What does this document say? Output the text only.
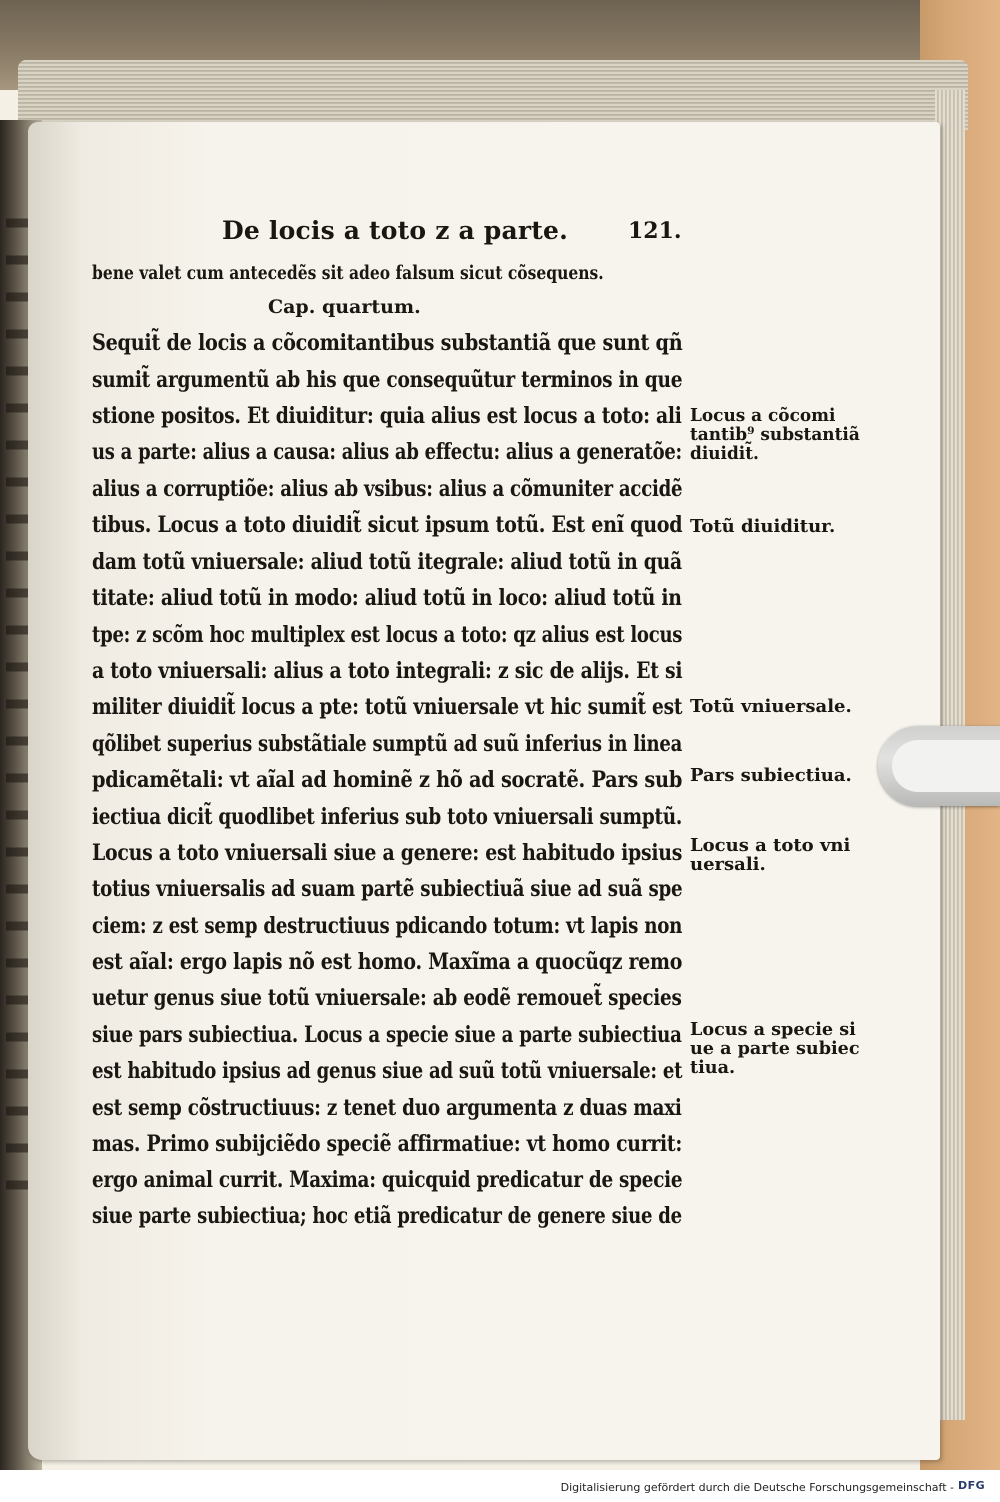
De locis a toto z a parte.	121.
bene valet cum antecedẽs sit adeo falsum sicut cõsequens.
Cap. quartum.
Sequit̃ de locis a cõcomitantibus substantiã que sunt qñ
sumit̃ argumentũ ab his que consequũtur terminos in que
stione positos. Et diuiditur: quia alius est locus a toto: ali
us a parte: alius a causa: alius ab effectu: alius a generatõe:
alius a corruptiõe: alius ab vsibus: alius a cõmuniter accidẽ
tibus. Locus a toto diuidit̃ sicut ipsum totũ. Est enĩ quod
dam totũ vniuersale: aliud totũ itegrale: aliud totũ in quã
titate: aliud totũ in modo: aliud totũ in loco: aliud totũ in
tpe: z scõm hoc multiplex est locus a toto: qz alius est locus
a toto vniuersali: alius a toto integrali: z sic de alijs. Et si
militer diuidit̃ locus a pte: totũ vniuersale vt hic sumit̃ est
qõlibet superius substãtiale sumptũ ad suũ inferius in linea
pdicamẽtali: vt aĩal ad hominẽ z hõ ad socratẽ. Pars sub
iectiua dicit̃ quodlibet inferius sub toto vniuersali sumptũ.
Locus a toto vniuersali siue a genere: est habitudo ipsius
totius vniuersalis ad suam partẽ subiectiuã siue ad suã spe
ciem: z est semp destructiuus pdicando totum: vt lapis non
est aĩal: ergo lapis nõ est homo. Maxĩma a quocũqz remo
uetur genus siue totũ vniuersale: ab eodẽ remouet̃ species
siue pars subiectiua. Locus a specie siue a parte subiectiua
est habitudo ipsius ad genus siue ad suũ totũ vniuersale: et
est semp cõstructiuus: z tenet duo argumenta z duas maxi
mas. Primo subijciẽdo speciẽ affirmatiue: vt homo currit:
ergo animal currit. Maxima: quicquid predicatur de specie
siue parte subiectiua; hoc etiã predicatur de genere siue de
Locus a cõcomi
tantib⁹ substantiã
diuidit̃.
Totũ diuiditur.
Totũ vniuersale.
Pars subiectiua.
Locus a toto vni
uersali.
Locus a specie si
ue a parte subiec
tiua.
Digitalisierung gefördert durch die Deutsche Forschungsgemeinschaft - DFG
